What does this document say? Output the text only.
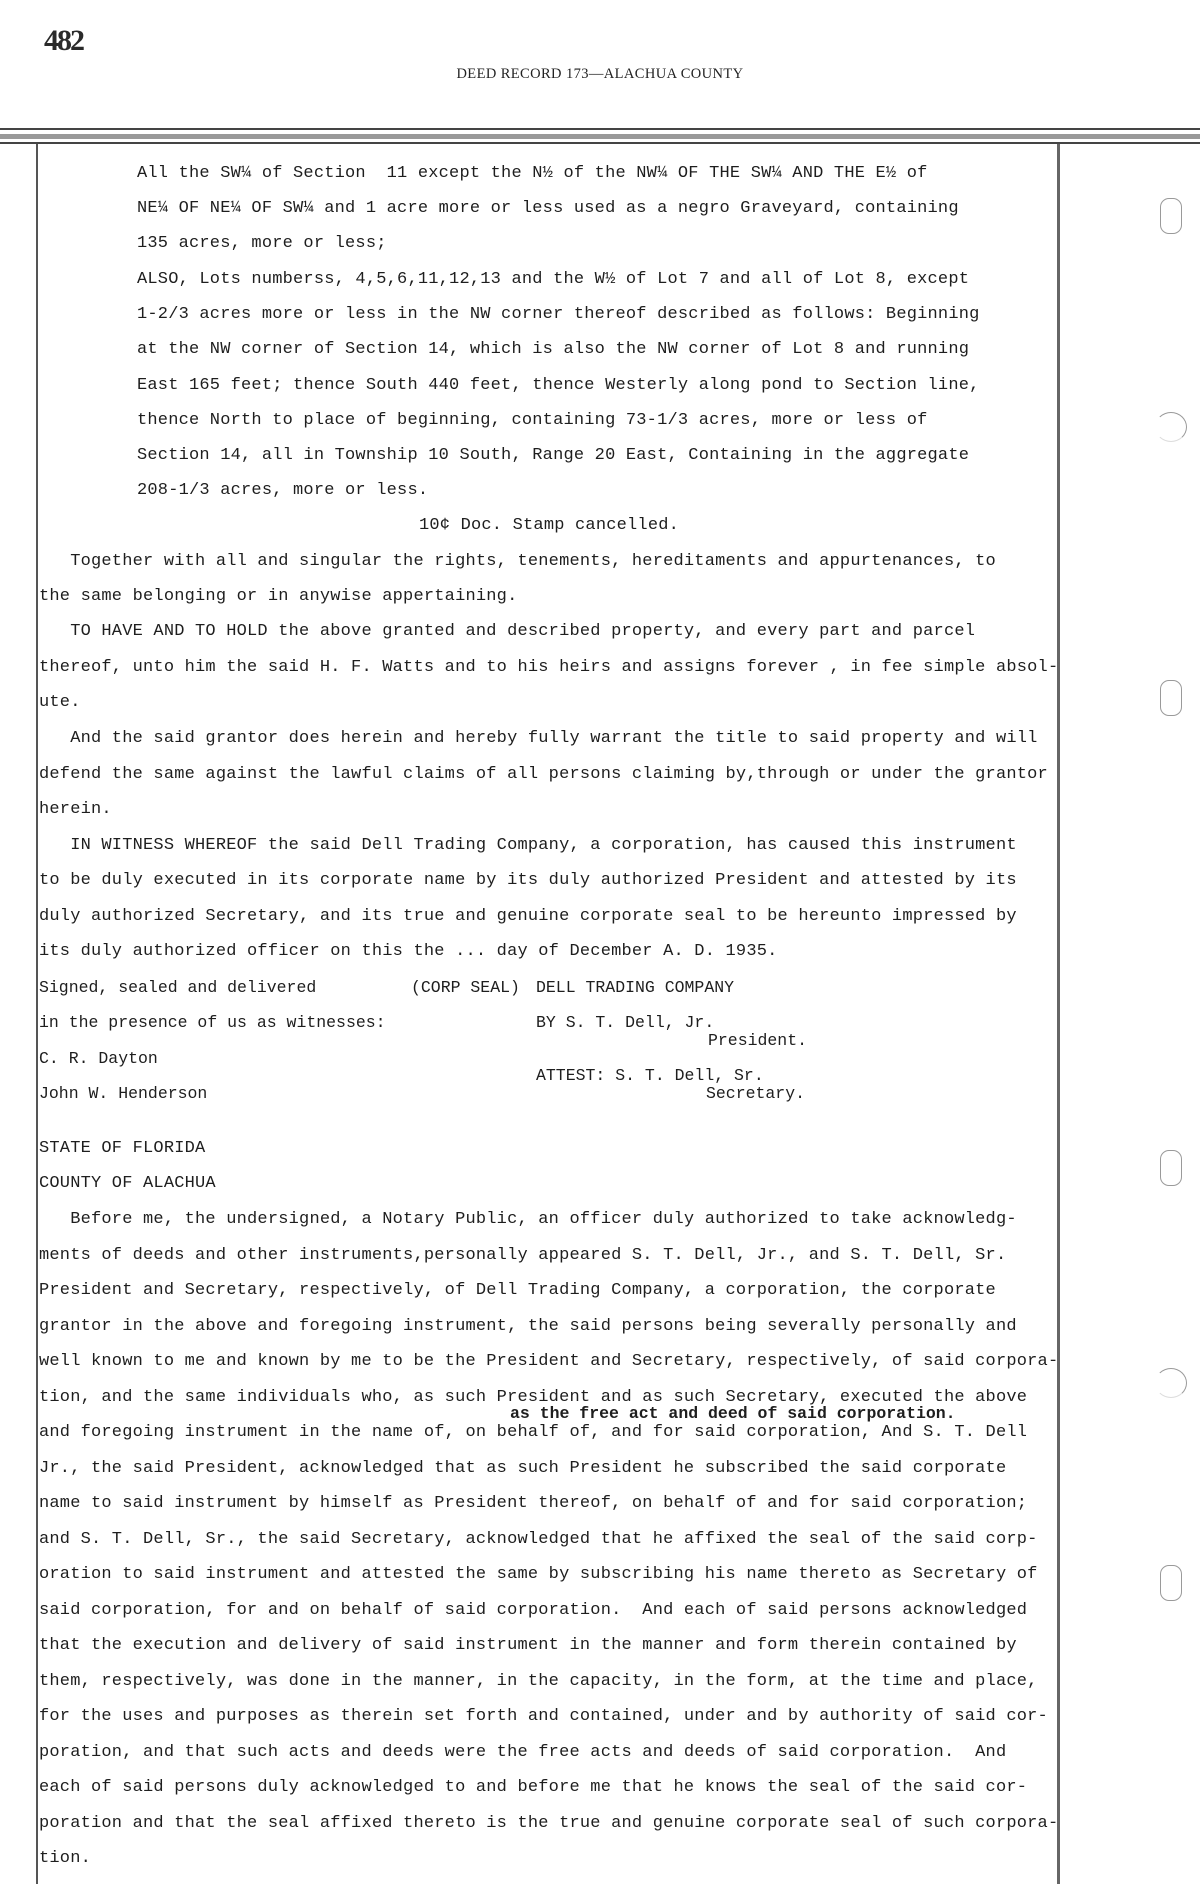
482
DEED RECORD 173—ALACHUA COUNTY
All the SW¼ of Section  11 except the N½ of the NW¼ OF THE SW¼ AND THE E½ of
NE¼ OF NE¼ OF SW¼ and 1 acre more or less used as a negro Graveyard, containing
135 acres, more or less;
ALSO, Lots numberss, 4,5,6,11,12,13 and the W½ of Lot 7 and all of Lot 8, except
1-2/3 acres more or less in the NW corner thereof described as follows: Beginning
at the NW corner of Section 14, which is also the NW corner of Lot 8 and running
East 165 feet; thence South 440 feet, thence Westerly along pond to Section line,
thence North to place of beginning, containing 73-1/3 acres, more or less of
Section 14, all in Township 10 South, Range 20 East, Containing in the aggregate
208-1/3 acres, more or less.
10¢ Doc. Stamp cancelled.
Together with all and singular the rights, tenements, hereditaments and appurtenances, to
the same belonging or in anywise appertaining.
TO HAVE AND TO HOLD the above granted and described property, and every part and parcel
thereof, unto him the said H. F. Watts and to his heirs and assigns forever , in fee simple absol-
ute.
And the said grantor does herein and hereby fully warrant the title to said property and will
defend the same against the lawful claims of all persons claiming by,through or under the grantor
herein.
IN WITNESS WHEREOF the said Dell Trading Company, a corporation, has caused this instrument
to be duly executed in its corporate name by its duly authorized President and attested by its
duly authorized Secretary, and its true and genuine corporate seal to be hereunto impressed by
its duly authorized officer on this the ... day of December A. D. 1935.
Signed, sealed and delivered	(CORP SEAL) DELL TRADING COMPANY
in the presence of us as witnesses:	BY S. T. Dell, Jr.
President.
C. R. Dayton
ATTEST: S. T. Dell, Sr.
Secretary.
John W. Henderson
STATE OF FLORIDA
COUNTY OF ALACHUA
Before me, the undersigned, a Notary Public, an officer duly authorized to take acknowledg-
ments of deeds and other instruments,personally appeared S. T. Dell, Jr., and S. T. Dell, Sr.
President and Secretary, respectively, of Dell Trading Company, a corporation, the corporate
grantor in the above and foregoing instrument, the said persons being severally personally and
well known to me and known by me to be the President and Secretary, respectively, of said corpora-
tion, and the same individuals who, as such President and as such Secretary, executed the above
as the free act and deed of said corporation.
and foregoing instrument in the name of, on behalf of, and for said corporation, And S. T. Dell
Jr., the said President, acknowledged that as such President he subscribed the said corporate
name to said instrument by himself as President thereof, on behalf of and for said corporation;
and S. T. Dell, Sr., the said Secretary, acknowledged that he affixed the seal of the said corp-
oration to said instrument and attested the same by subscribing his name thereto as Secretary of
said corporation, for and on behalf of said corporation.  And each of said persons acknowledged
that the execution and delivery of said instrument in the manner and form therein contained by
them, respectively, was done in the manner, in the capacity, in the form, at the time and place,
for the uses and purposes as therein set forth and contained, under and by authority of said cor-
poration, and that such acts and deeds were the free acts and deeds of said corporation.  And
each of said persons duly acknowledged to and before me that he knows the seal of the said cor-
poration and that the seal affixed thereto is the true and genuine corporate seal of such corpora-
tion.
